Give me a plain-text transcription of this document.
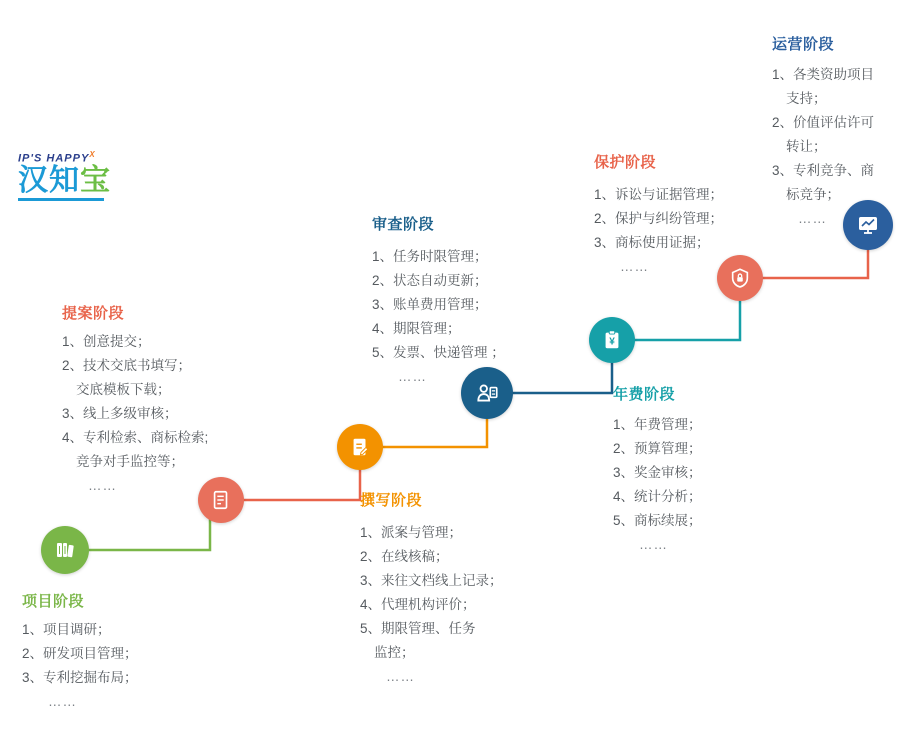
IP'S $HAPPY^X$
汉知宝
¥
项目阶段
1、项目调研；
2、研发项目管理；
3、专利挖掘布局；
……
提案阶段
1、创意提交；
2、技术交底书填写；
交底模板下载；
3、线上多级审核；
4、专利检索、商标检索;
竞争对手监控等；
……
撰写阶段
1、派案与管理；
2、在线核稿；
3、来往文档线上记录；
4、代理机构评价；
5、期限管理、任务
监控；
……
审查阶段
1、任务时限管理；
2、状态自动更新；
3、账单费用管理；
4、期限管理；
5、发票、快递管理 ；
……
年费阶段
1、年费管理；
2、预算管理；
3、奖金审核；
4、统计分析；
5、商标续展；
……
保护阶段
1、诉讼与证据管理；
2、保护与纠纷管理；
3、商标使用证据；
……
运营阶段
1、各类资助项目
支持；
2、价值评估许可
转让；
3、专利竞争、商
标竞争；
……
